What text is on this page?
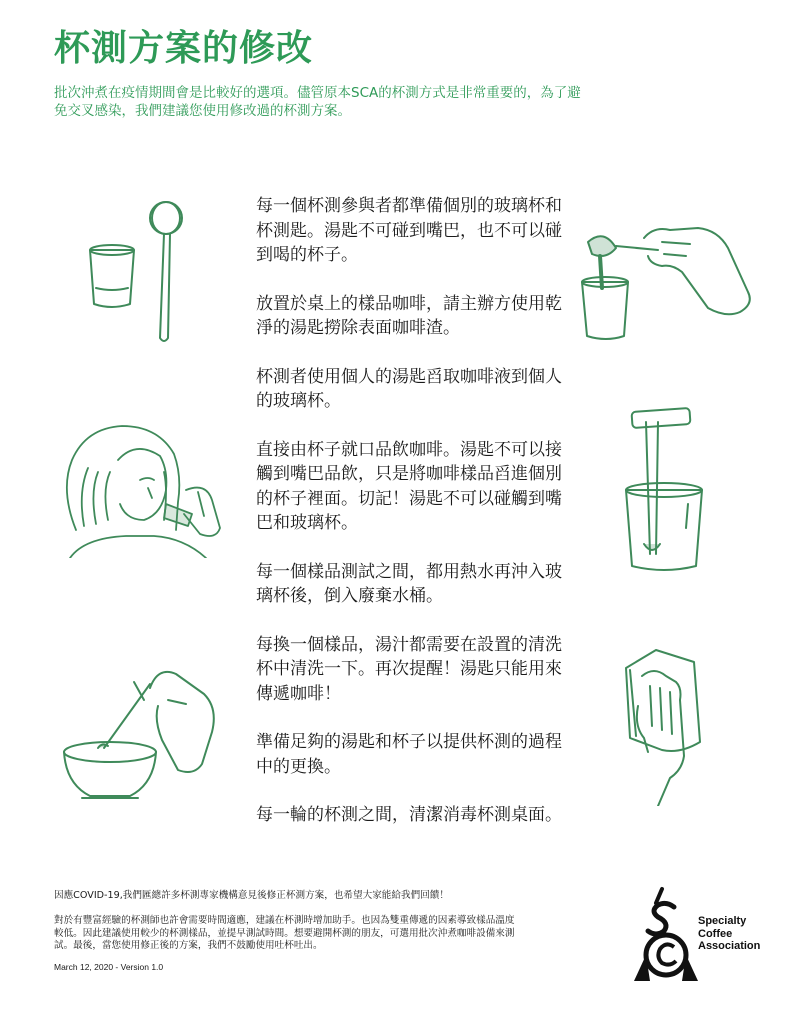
杯測方案的修改
批次沖煮在疫情期間會是比較好的選項。儘管原本SCA的杯測方式是非常重要的，為了避免交叉感染，我們建議您使用修改過的杯測方案。

每一個杯測參與者都準備個別的玻璃杯和杯測匙。湯匙不可碰到嘴巴，也不可以碰到喝的杯子。

放置於桌上的樣品咖啡，請主辦方使用乾淨的湯匙撈除表面咖啡渣。

杯測者使用個人的湯匙舀取咖啡液到個人的玻璃杯。

直接由杯子就口品飲咖啡。湯匙不可以接觸到嘴巴品飲，只是將咖啡樣品舀進個別的杯子裡面。切記！湯匙不可以碰觸到嘴巴和玻璃杯。

每一個樣品測試之間，都用熱水再沖入玻璃杯後，倒入廢棄水桶。

每換一個樣品，湯汁都需要在設置的清洗杯中清洗一下。再次提醒！湯匙只能用來傳遞咖啡！

準備足夠的湯匙和杯子以提供杯測的過程中的更換。

每一輪的杯測之間，清潔消毒杯測桌面。

因應COVID-19,我們匯總許多杯測專家機構意見後修正杯測方案，也希望大家能給我們回饋！
對於有豐富經驗的杯測師也許會需要時間適應，建議在杯測時增加助手。也因為雙重傳遞的因素導致樣品溫度較低。因此建議使用較少的杯測樣品，並提早測試時間。想要避開杯測的朋友，可選用批次沖煮咖啡設備來測試。最後，當您使用修正後的方案，我們不鼓勵使用吐杯吐出。
March 12, 2020 - Version 1.0
Specialty
Coffee
Association
